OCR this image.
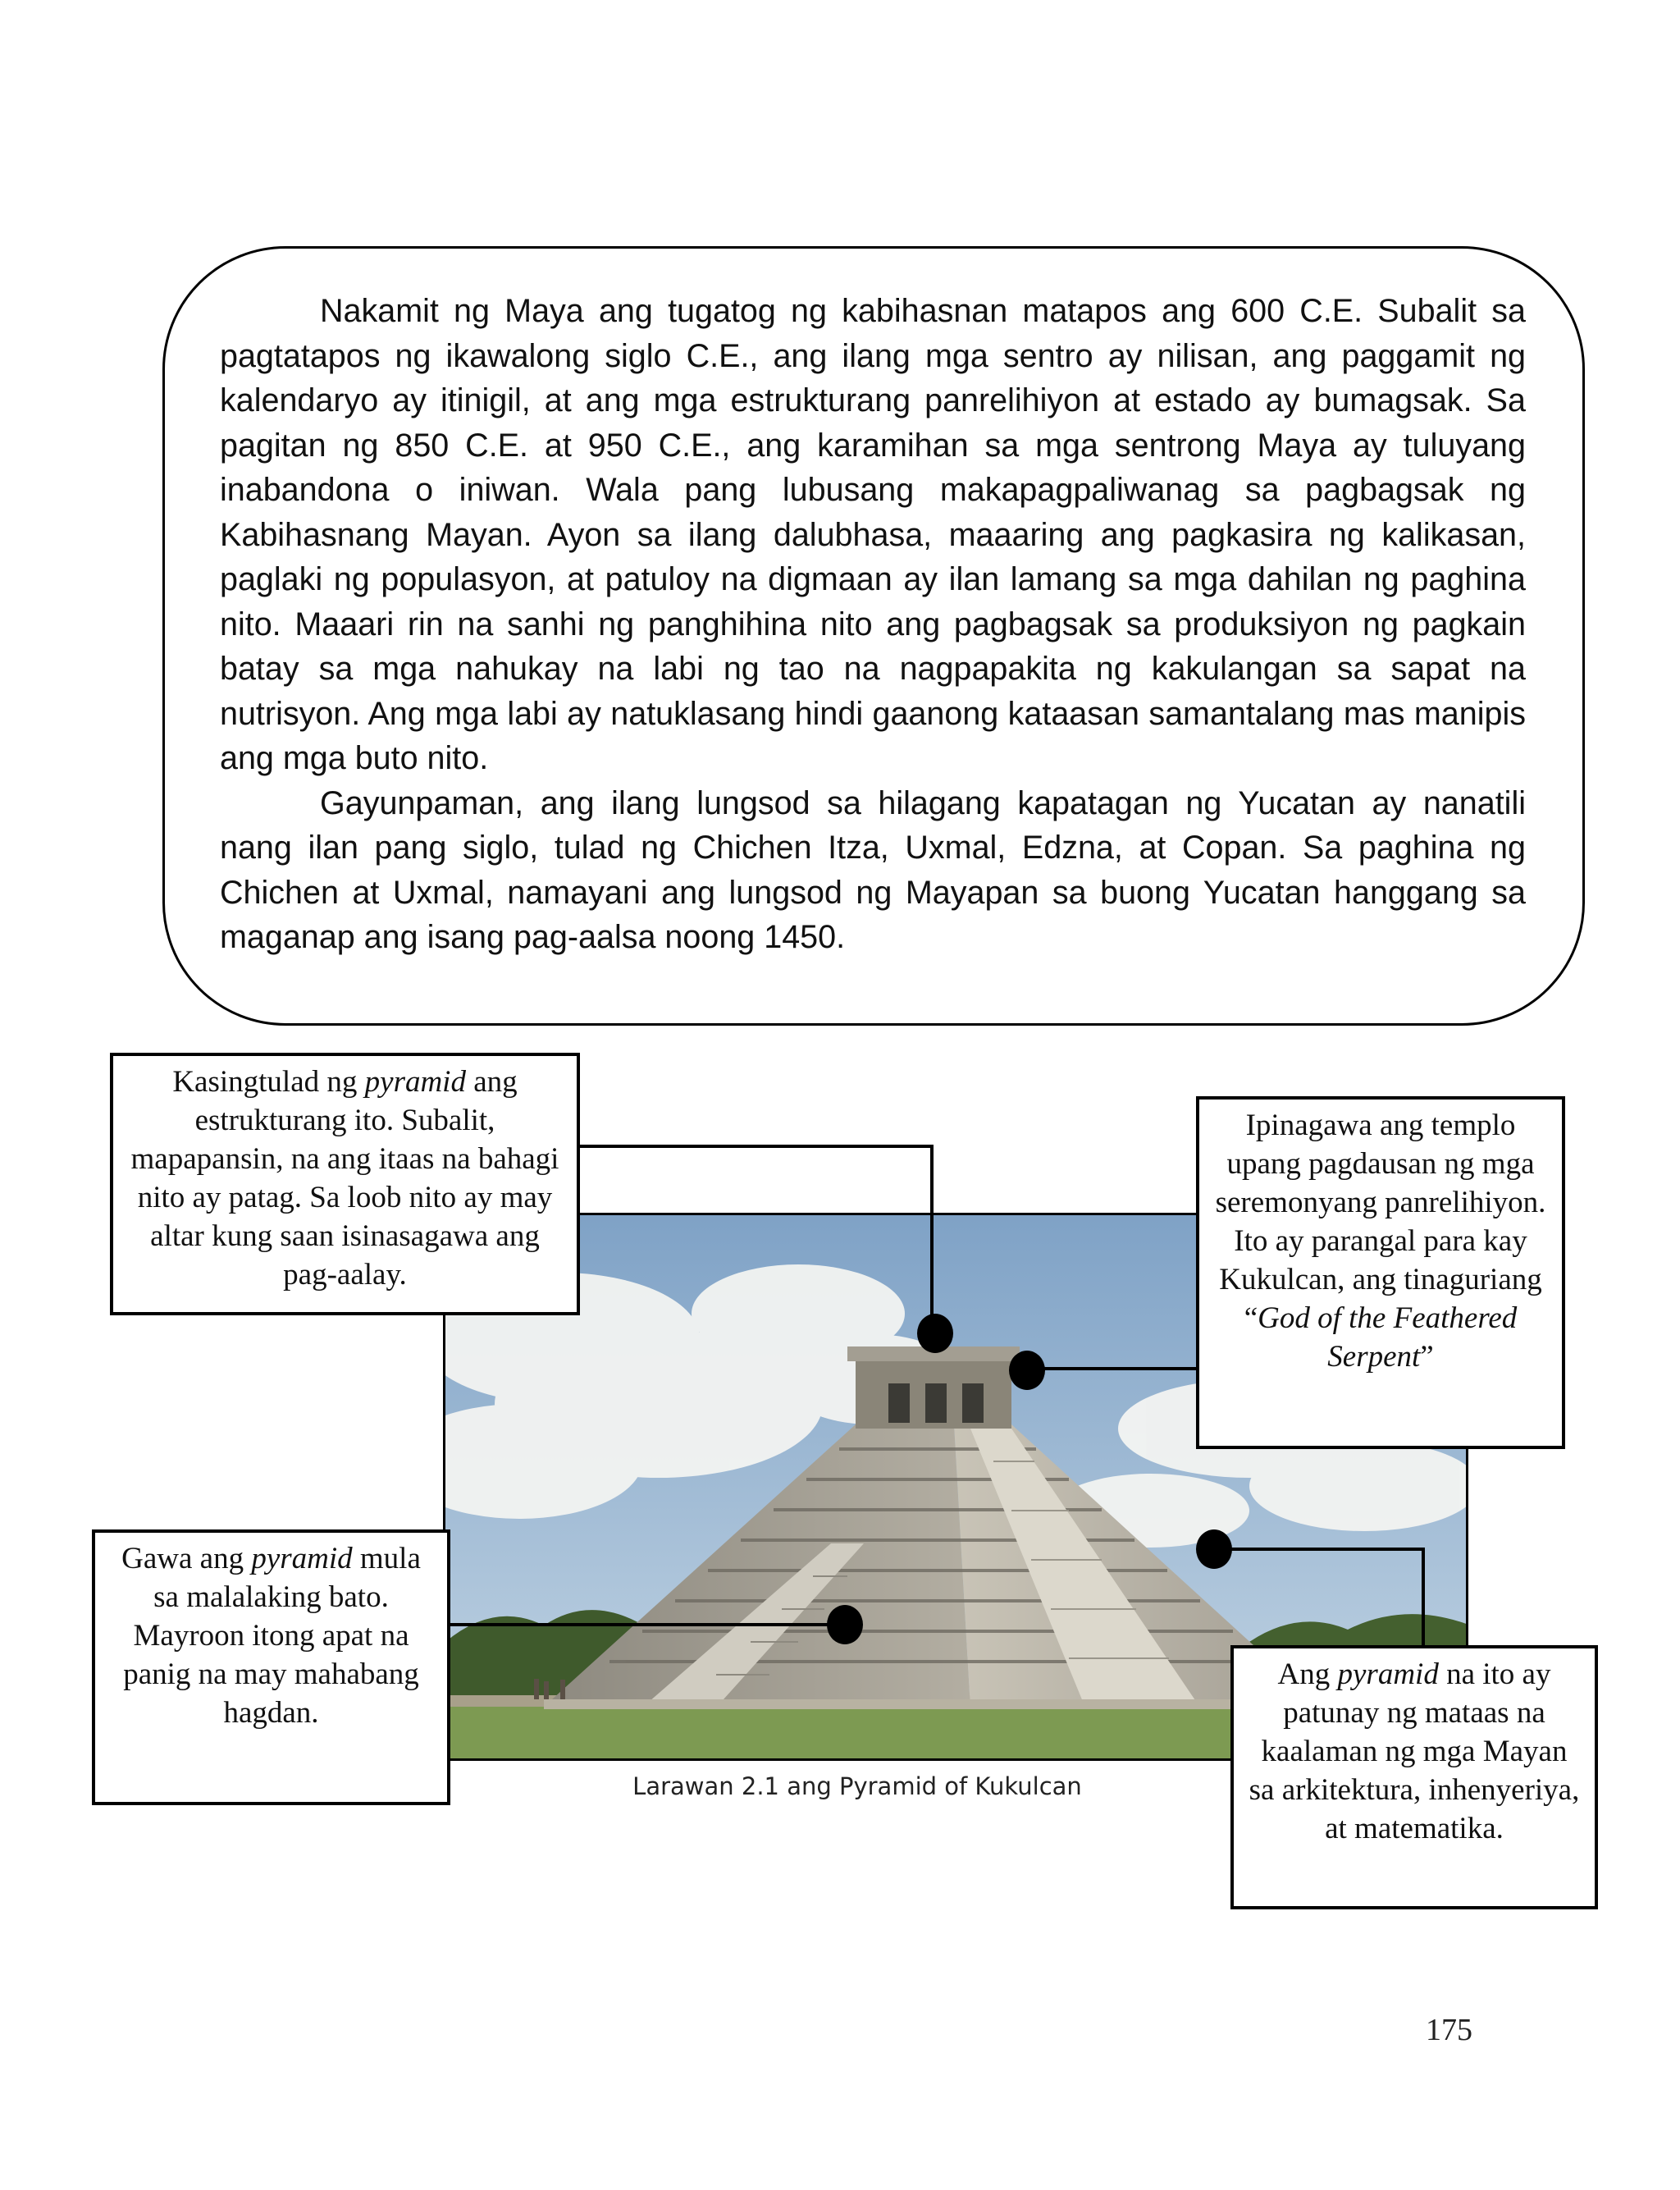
Nakamit ng Maya ang tugatog ng kabihasnan matapos ang 600 C.E. Subalit sa pagtatapos ng ikawalong siglo C.E., ang ilang mga sentro ay nilisan, ang paggamit ng kalendaryo ay itinigil, at ang mga estrukturang panrelihiyon at estado ay bumagsak. Sa pagitan ng 850 C.E. at 950 C.E., ang karamihan sa mga sentrong Maya ay tuluyang inabandona o iniwan. Wala pang lubusang makapagpaliwanag sa pagbagsak ng Kabihasnang Mayan. Ayon sa ilang dalubhasa, maaaring ang pagkasira ng kalikasan, paglaki ng populasyon, at patuloy na digmaan ay ilan lamang sa mga dahilan ng paghina nito. Maaari rin na sanhi ng panghihina nito ang pagbagsak sa produksiyon ng pagkain batay sa mga nahukay na labi ng tao na nagpapakita ng kakulangan sa sapat na nutrisyon. Ang mga labi ay natuklasang hindi gaanong kataasan samantalang mas manipis ang mga buto nito.

Gayunpaman, ang ilang lungsod sa hilagang kapatagan ng Yucatan ay nanatili nang ilan pang siglo, tulad ng Chichen Itza, Uxmal, Edzna, at Copan. Sa paghina ng Chichen at Uxmal, namayani ang lungsod ng Mayapan sa buong Yucatan hanggang sa maganap ang isang pag-aalsa noong 1450.

Larawan 2.1 ang Pyramid of Kukulcan
Kasingtulad ng pyramid ang estrukturang ito. Subalit, mapapansin, na ang itaas na bahagi nito ay patag. Sa loob nito ay may altar kung saan isinasagawa ang pag-aalay.
Ipinagawa ang templo upang pagdausan ng mga seremonyang panrelihiyon. Ito ay parangal para kay Kukulcan, ang tinaguriang “God of the Feathered Serpent”
Gawa ang pyramid mula sa malalaking bato. Mayroon itong apat na panig na may mahabang hagdan.
Ang pyramid na ito ay patunay ng mataas na kaalaman ng mga Mayan sa arkitektura, inhenyeriya, at matematika.
175
